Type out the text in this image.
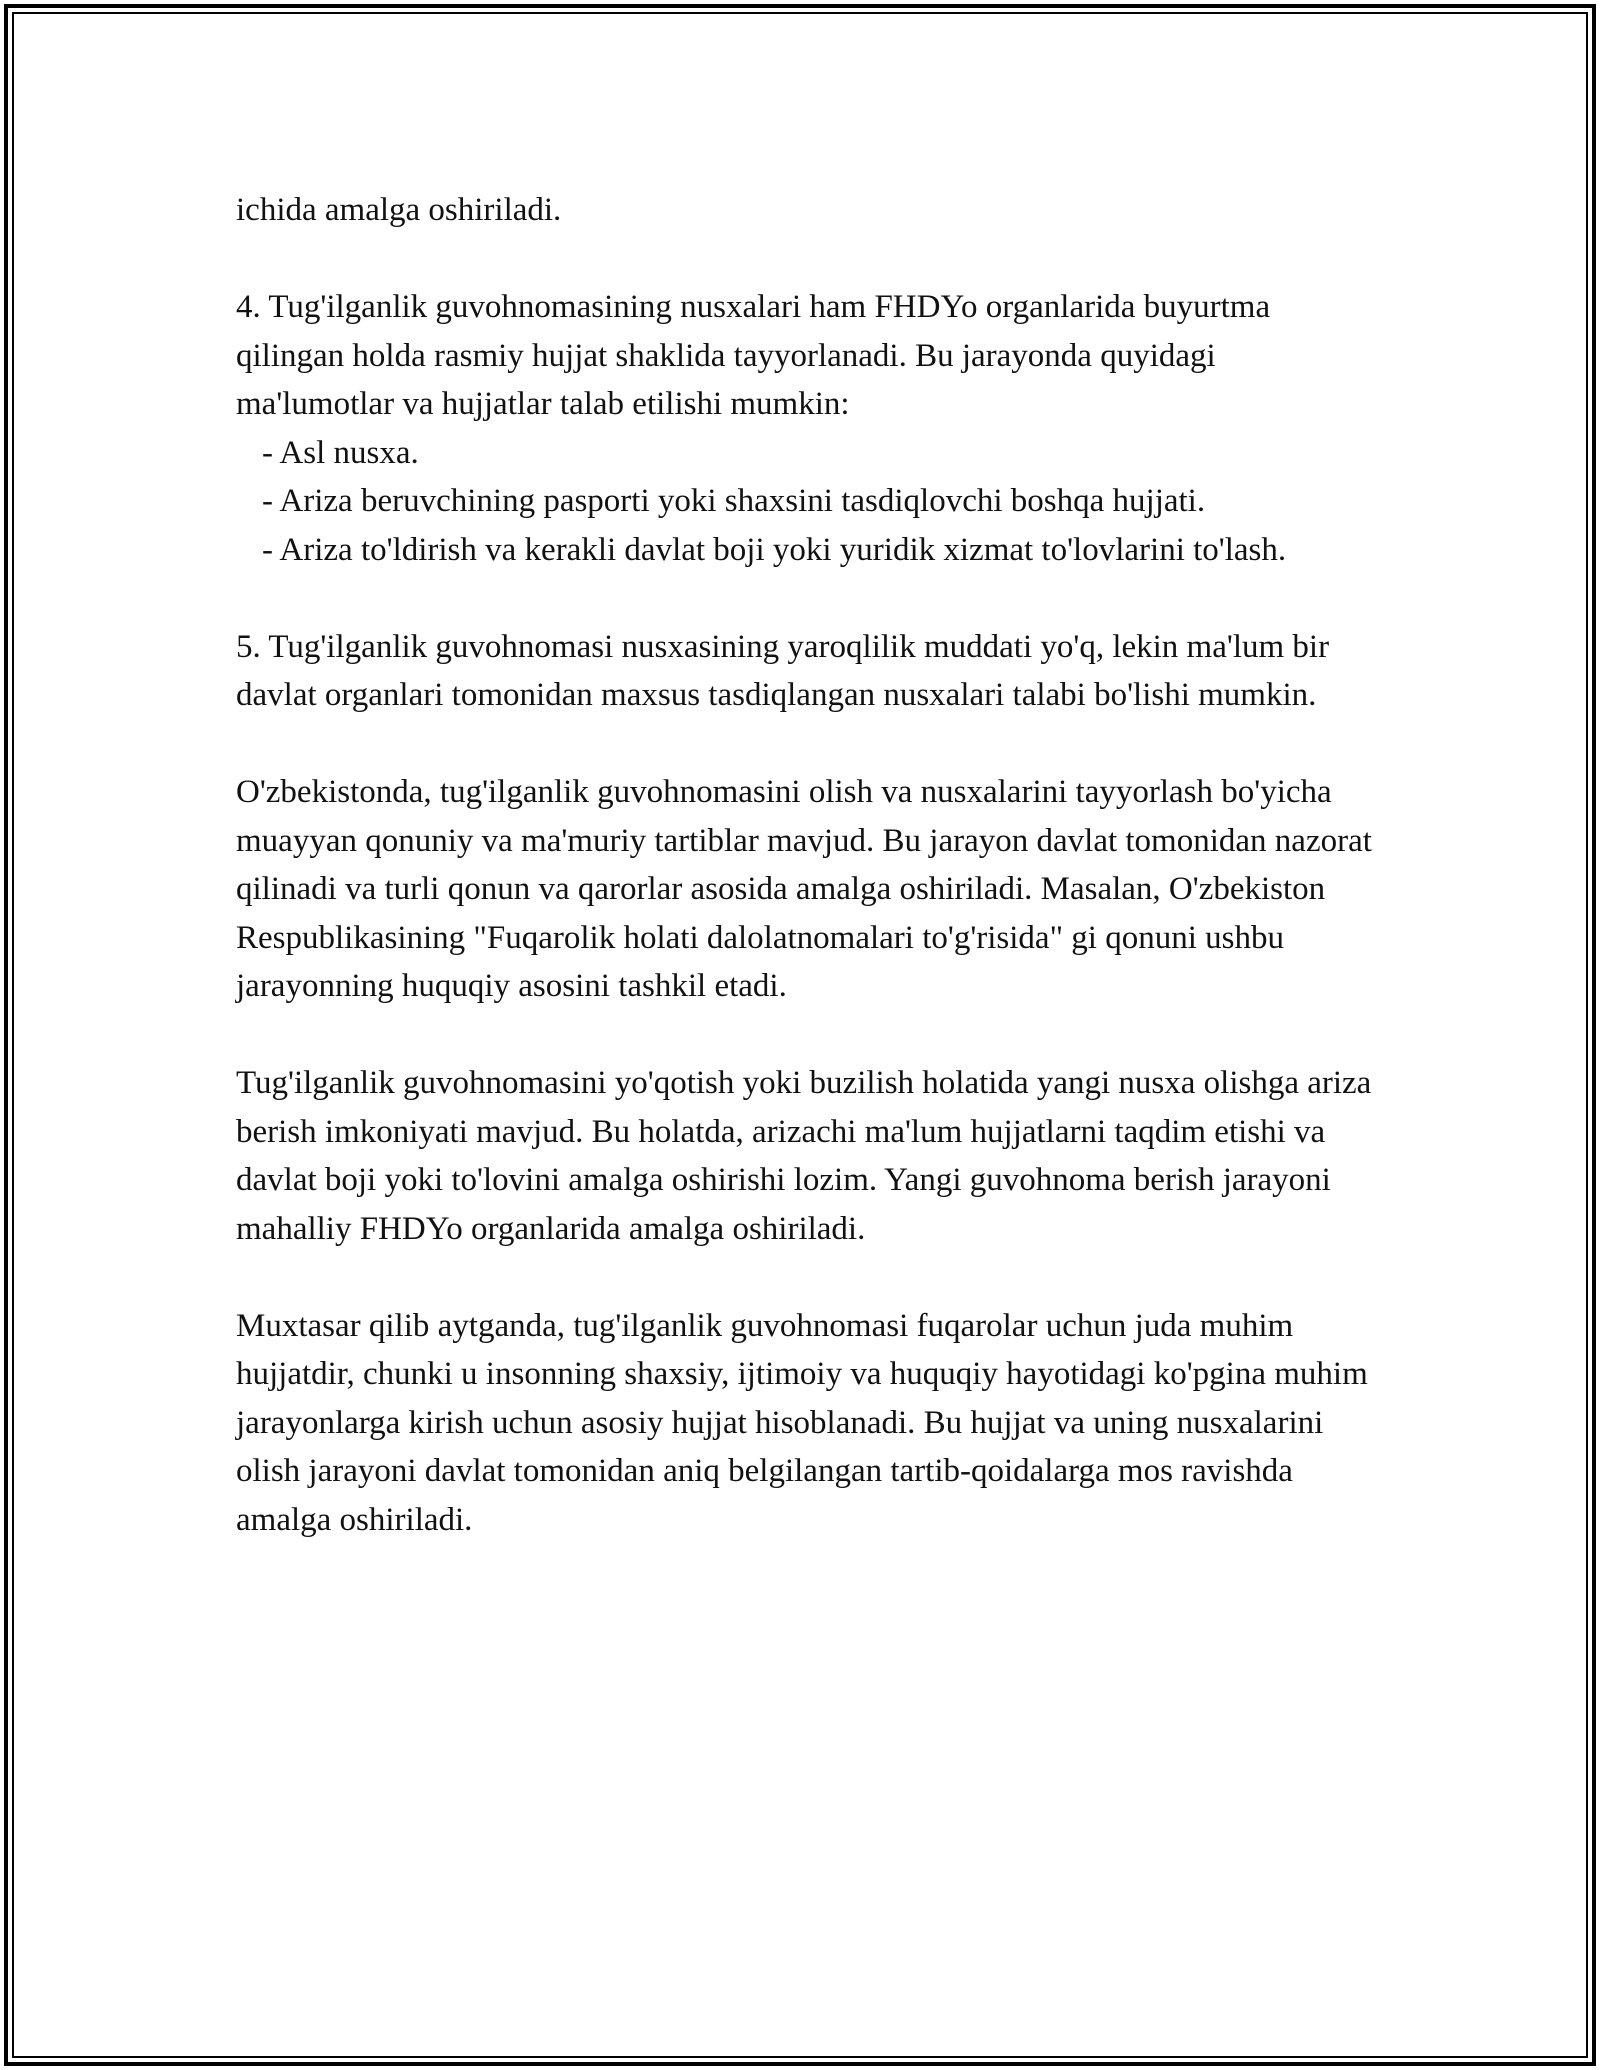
ichida amalga oshiriladi.

4. Tug'ilganlik guvohnomasining nusxalari ham FHDYo organlarida buyurtma qilingan holda rasmiy hujjat shaklida tayyorlanadi. Bu jarayonda quyidagi ma'lumotlar va hujjatlar talab etilishi mumkin:

- Asl nusxa.
- Ariza beruvchining pasporti yoki shaxsini tasdiqlovchi boshqa hujjati.
- Ariza to'ldirish va kerakli davlat boji yoki yuridik xizmat to'lovlarini to'lash.

5. Tug'ilganlik guvohnomasi nusxasining yaroqlilik muddati yo'q, lekin ma'lum bir davlat organlari tomonidan maxsus tasdiqlangan nusxalari talabi bo'lishi mumkin.

O'zbekistonda, tug'ilganlik guvohnomasini olish va nusxalarini tayyorlash bo'yicha muayyan qonuniy va ma'muriy tartiblar mavjud. Bu jarayon davlat tomonidan nazorat qilinadi va turli qonun va qarorlar asosida amalga oshiriladi. Masalan, O'zbekiston Respublikasining "Fuqarolik holati dalolatnomalari to'g'risida" gi qonuni ushbu jarayonning huquqiy asosini tashkil etadi.

Tug'ilganlik guvohnomasini yo'qotish yoki buzilish holatida yangi nusxa olishga ariza berish imkoniyati mavjud. Bu holatda, arizachi ma'lum hujjatlarni taqdim etishi va davlat boji yoki to'lovini amalga oshirishi lozim. Yangi guvohnoma berish jarayoni mahalliy FHDYo organlarida amalga oshiriladi.

Muxtasar qilib aytganda, tug'ilganlik guvohnomasi fuqarolar uchun juda muhim hujjatdir, chunki u insonning shaxsiy, ijtimoiy va huquqiy hayotidagi ko'pgina muhim jarayonlarga kirish uchun asosiy hujjat hisoblanadi. Bu hujjat va uning nusxalarini olish jarayoni davlat tomonidan aniq belgilangan tartib-qoidalarga mos ravishda amalga oshiriladi.
